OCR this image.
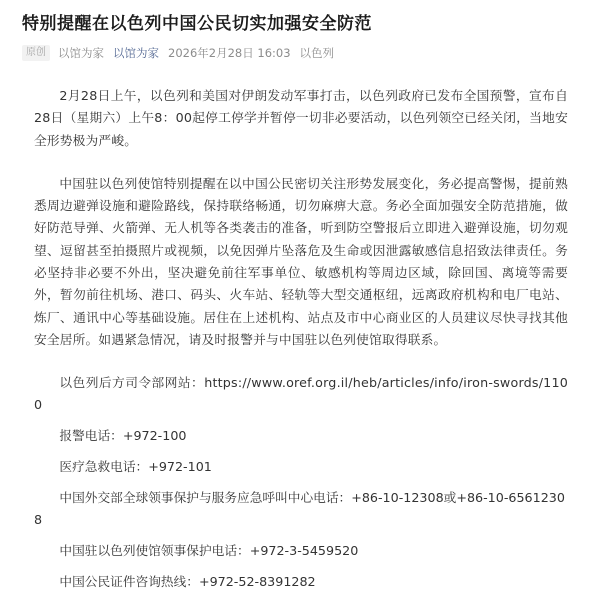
特别提醒在以色列中国公民切实加强安全防范
原创	以馆为家 以馆为家 2026年2月28日 16:03 以色列

2月28日上午，以色列和美国对伊朗发动军事打击，以色列政府已发布全国预警，宣布自28日（星期六）上午8：00起停工停学并暂停一切非必要活动，以色列领空已经关闭，当地安全形势极为严峻。

中国驻以色列使馆特别提醒在以中国公民密切关注形势发展变化，务必提高警惕，提前熟悉周边避弹设施和避险路线，保持联络畅通，切勿麻痹大意。务必全面加强安全防范措施，做好防范导弹、火箭弹、无人机等各类袭击的准备，听到防空警报后立即进入避弹设施，切勿观望、逗留甚至拍摄照片或视频，以免因弹片坠落危及生命或因泄露敏感信息招致法律责任。务必坚持非必要不外出，坚决避免前往军事单位、敏感机构等周边区域，除回国、离境等需要外，暂勿前往机场、港口、码头、火车站、轻轨等大型交通枢纽，远离政府机构和电厂电站、炼厂、通讯中心等基础设施。居住在上述机构、站点及市中心商业区的人员建议尽快寻找其他安全居所。如遇紧急情况，请及时报警并与中国驻以色列使馆取得联系。

以色列后方司令部网站：https://www.oref.org.il/heb/articles/info/iron-swords/1100

报警电话：+972-100

医疗急救电话：+972-101

中国外交部全球领事保护与服务应急呼叫中心电话：+86-10-12308或+86-10-65612308

中国驻以色列使馆领事保护电话：+972-3-5459520

中国公民证件咨询热线：+972-52-8391282
